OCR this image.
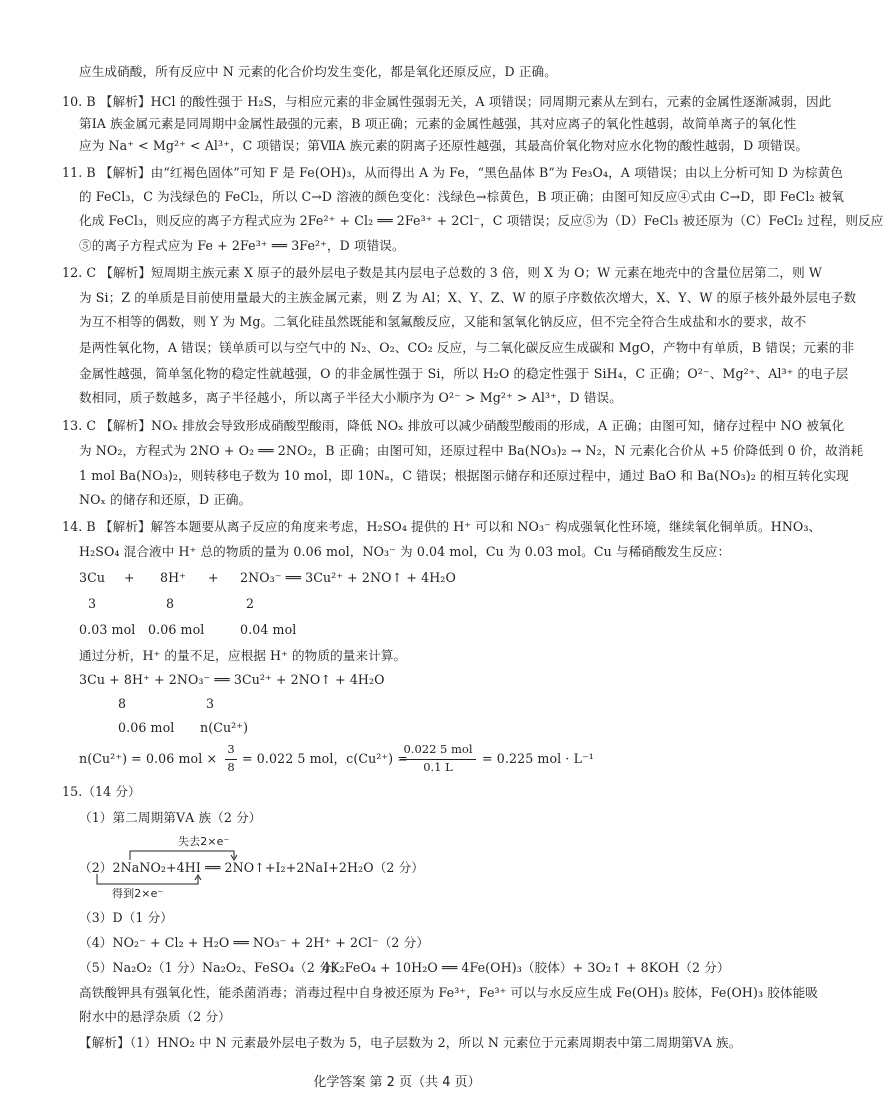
应生成硝酸，所有反应中 N 元素的化合价均发生变化，都是氧化还原反应，D 正确。
10. B 【解析】HCl 的酸性强于 H₂S，与相应元素的非金属性强弱无关，A 项错误；同周期元素从左到右，元素的金属性逐渐减弱，因此
第ⅠA 族金属元素是同周期中金属性最强的元素，B 项正确；元素的金属性越强，其对应离子的氧化性越弱，故简单离子的氧化性
应为 Na⁺ < Mg²⁺ < Al³⁺，C 项错误；第ⅦA 族元素的阴离子还原性越强，其最高价氧化物对应水化物的酸性越弱，D 项错误。
11. B 【解析】由“红褐色固体”可知 F 是 Fe(OH)₃，从而得出 A 为 Fe，“黑色晶体 B”为 Fe₃O₄，A 项错误；由以上分析可知 D 为棕黄色
的 FeCl₃，C 为浅绿色的 FeCl₂，所以 C→D 溶液的颜色变化：浅绿色→棕黄色，B 项正确；由图可知反应④式由 C→D，即 FeCl₂ 被氧
化成 FeCl₃，则反应的离子方程式应为 2Fe²⁺ + Cl₂ ══ 2Fe³⁺ + 2Cl⁻，C 项错误；反应⑤为（D）FeCl₃ 被还原为（C）FeCl₂ 过程，则反应
⑤的离子方程式应为 Fe + 2Fe³⁺ ══ 3Fe²⁺，D 项错误。
12. C 【解析】短周期主族元素 X 原子的最外层电子数是其内层电子总数的 3 倍，则 X 为 O；W 元素在地壳中的含量位居第二，则 W
为 Si；Z 的单质是目前使用量最大的主族金属元素，则 Z 为 Al；X、Y、Z、W 的原子序数依次增大，X、Y、W 的原子核外最外层电子数
为互不相等的偶数，则 Y 为 Mg。二氧化硅虽然既能和氢氟酸反应，又能和氢氧化钠反应，但不完全符合生成盐和水的要求，故不
是两性氧化物，A 错误；镁单质可以与空气中的 N₂、O₂、CO₂ 反应，与二氧化碳反应生成碳和 MgO，产物中有单质，B 错误；元素的非
金属性越强，简单氢化物的稳定性就越强，O 的非金属性强于 Si，所以 H₂O 的稳定性强于 SiH₄，C 正确；O²⁻、Mg²⁺、Al³⁺ 的电子层
数相同，质子数越多，离子半径越小，所以离子半径大小顺序为 O²⁻ > Mg²⁺ > Al³⁺，D 错误。
13. C 【解析】NOₓ 排放会导致形成硝酸型酸雨，降低 NOₓ 排放可以减少硝酸型酸雨的形成，A 正确；由图可知，储存过程中 NO 被氧化
为 NO₂，方程式为 2NO + O₂ ══ 2NO₂，B 正确；由图可知，还原过程中 Ba(NO₃)₂ → N₂，N 元素化合价从 +5 价降低到 0 价，故消耗
1 mol Ba(NO₃)₂，则转移电子数为 10 mol，即 10Nₐ，C 错误；根据图示储存和还原过程中，通过 BaO 和 Ba(NO₃)₂ 的相互转化实现
NOₓ 的储存和还原，D 正确。
14. B 【解析】解答本题要从离子反应的角度来考虑，H₂SO₄ 提供的 H⁺ 可以和 NO₃⁻ 构成强氧化性环境，继续氧化铜单质。HNO₃、
H₂SO₄ 混合液中 H⁺ 总的物质的量为 0.06 mol，NO₃⁻ 为 0.04 mol，Cu 为 0.03 mol。Cu 与稀硝酸发生反应：
3Cu + 8H⁺ + 2NO₃⁻ ══ 3Cu²⁺ + 2NO↑ + 4H₂O
3	8	2
0.03 mol 0.06 mol	0.04 mol
通过分析，H⁺ 的量不足，应根据 H⁺ 的物质的量来计算。
3Cu + 8H⁺ + 2NO₃⁻ ══ 3Cu²⁺ + 2NO↑ + 4H₂O
8	3
0.06 mol n(Cu²⁺)
n(Cu²⁺) = 0.06 mol ×
3
8
= 0.022 5 mol，c(Cu²⁺) =
0.022 5 mol
0.1 L
= 0.225 mol · L⁻¹
15.（14 分）
（1）第二周期第ⅤA 族（2 分）
失去2×e⁻
（2）2NaNO₂+4HI ══ 2NO↑+I₂+2NaI+2H₂O（2 分）
得到2×e⁻
（3）D（1 分）
（4）NO₂⁻ + Cl₂ + H₂O ══ NO₃⁻ + 2H⁺ + 2Cl⁻（2 分）
（5）Na₂O₂（1 分） Na₂O₂、FeSO₄（2 分）
4K₂FeO₄ + 10H₂O ══ 4Fe(OH)₃（胶体）+ 3O₂↑ + 8KOH（2 分）
高铁酸钾具有强氧化性，能杀菌消毒；消毒过程中自身被还原为 Fe³⁺，Fe³⁺ 可以与水反应生成 Fe(OH)₃ 胶体，Fe(OH)₃ 胶体能吸
附水中的悬浮杂质（2 分）
【解析】（1）HNO₂ 中 N 元素最外层电子数为 5，电子层数为 2，所以 N 元素位于元素周期表中第二周期第ⅤA 族。
化学答案 第 2 页（共 4 页）
